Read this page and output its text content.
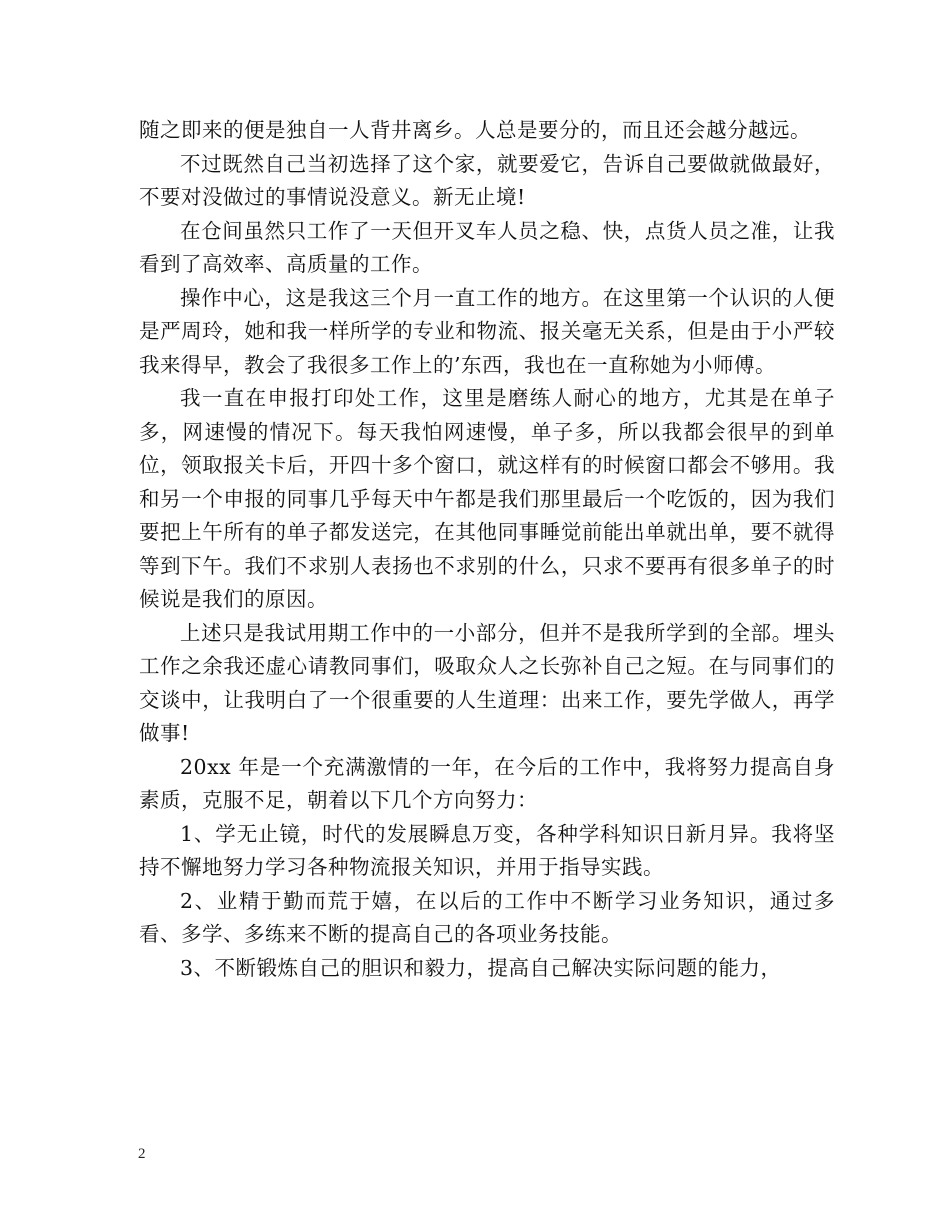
随之即来的便是独自一人背井离乡。人总是要分的，而且还会越分越远。

不过既然自己当初选择了这个家，就要爱它，告诉自己要做就做最好，不要对没做过的事情说没意义。新无止境!

在仓间虽然只工作了一天但开叉车人员之稳、快，点货人员之准，让我看到了高效率、高质量的工作。

操作中心，这是我这三个月一直工作的地方。在这里第一个认识的人便是严周玲，她和我一样所学的专业和物流、报关毫无关系，但是由于小严较我来得早，教会了我很多工作上的’东西，我也在一直称她为小师傅。

我一直在申报打印处工作，这里是磨练人耐心的地方，尤其是在单子多，网速慢的情况下。每天我怕网速慢，单子多，所以我都会很早的到单位，领取报关卡后，开四十多个窗口，就这样有的时候窗口都会不够用。我和另一个申报的同事几乎每天中午都是我们那里最后一个吃饭的，因为我们要把上午所有的单子都发送完，在其他同事睡觉前能出单就出单，要不就得等到下午。我们不求别人表扬也不求别的什么，只求不要再有很多单子的时候说是我们的原因。

上述只是我试用期工作中的一小部分，但并不是我所学到的全部。埋头工作之余我还虚心请教同事们，吸取众人之长弥补自己之短。在与同事们的交谈中，让我明白了一个很重要的人生道理：出来工作，要先学做人，再学做事!

20xx 年是一个充满激情的一年，在今后的工作中，我将努力提高自身素质，克服不足，朝着以下几个方向努力：

1、学无止镜，时代的发展瞬息万变，各种学科知识日新月异。我将坚持不懈地努力学习各种物流报关知识，并用于指导实践。

2、业精于勤而荒于嬉，在以后的工作中不断学习业务知识，通过多看、多学、多练来不断的提高自己的各项业务技能。

3、不断锻炼自己的胆识和毅力，提高自己解决实际问题的能力，

2
